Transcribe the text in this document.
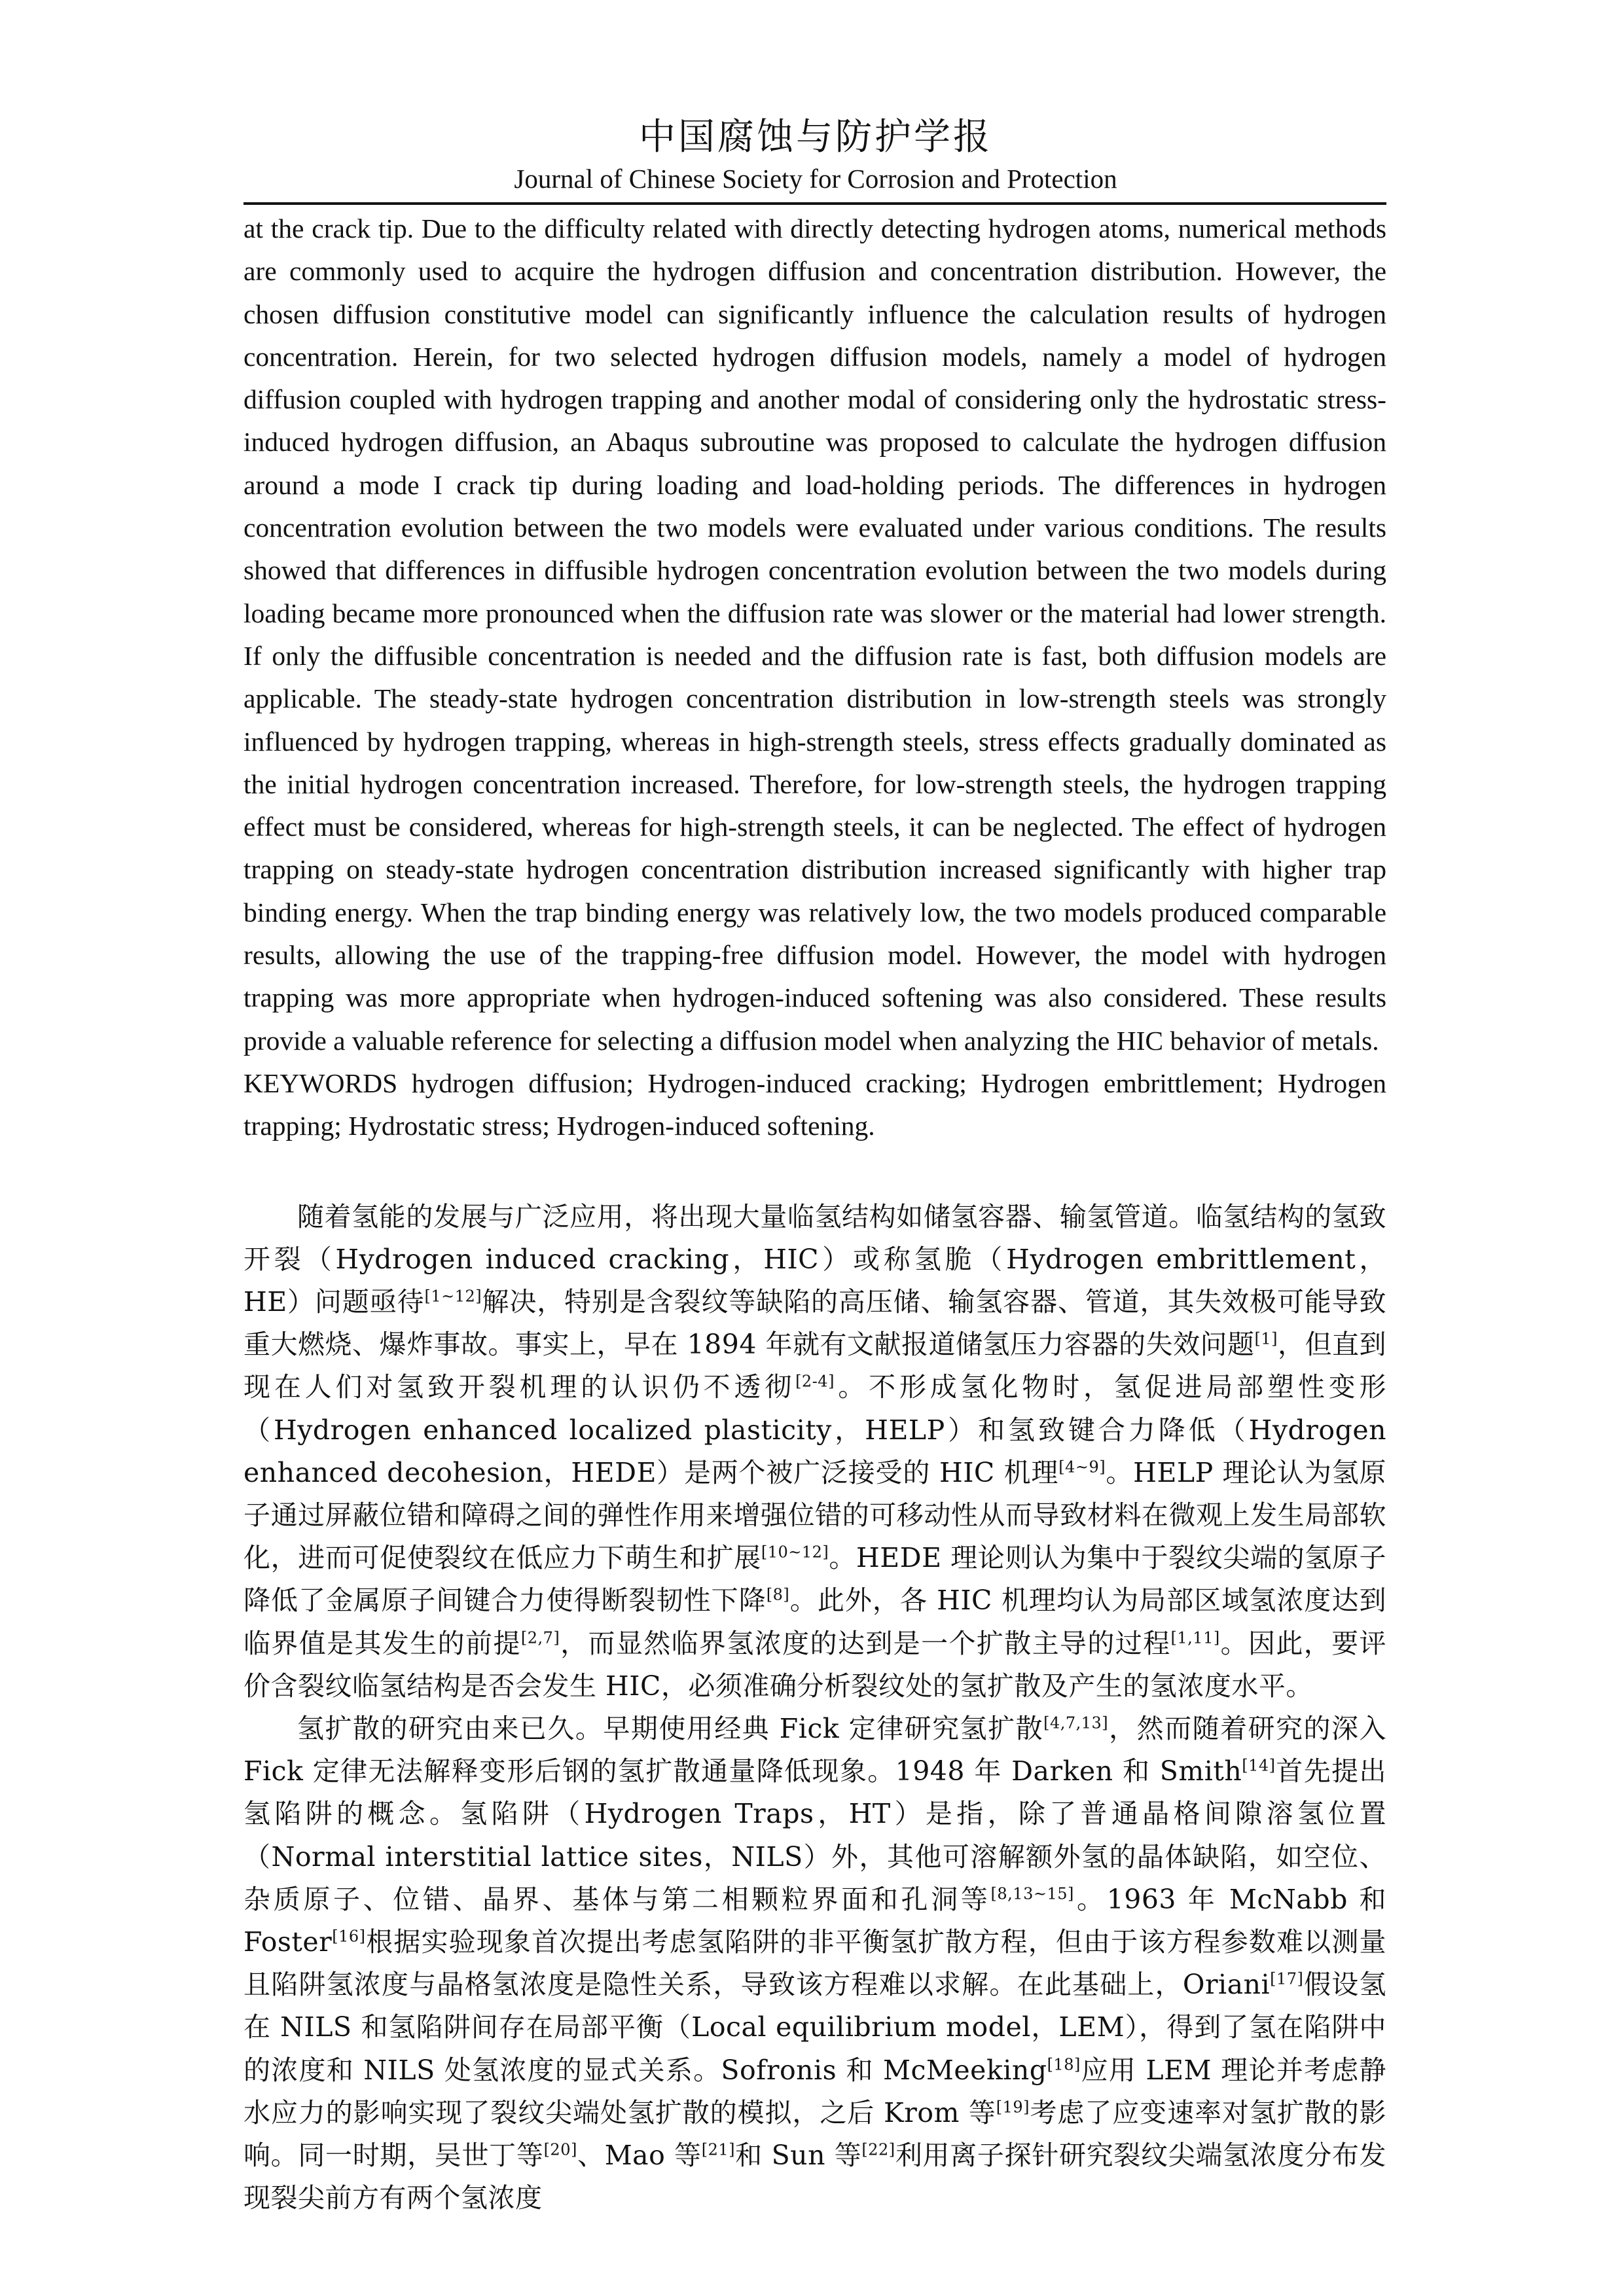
中国腐蚀与防护学报
Journal of Chinese Society for Corrosion and Protection

at the crack tip. Due to the difficulty related with directly detecting hydrogen atoms, numerical methods are commonly used to acquire the hydrogen diffusion and concentration distribution. However, the chosen diffusion constitutive model can significantly influence the calculation results of hydrogen concentration. Herein, for two selected hydrogen diffusion models, namely a model of hydrogen diffusion coupled with hydrogen trapping and another modal of considering only the hydrostatic stress-induced hydrogen diffusion, an Abaqus subroutine was proposed to calculate the hydrogen diffusion around a mode I crack tip during loading and load-holding periods. The differences in hydrogen concentration evolution between the two models were evaluated under various conditions. The results showed that differences in diffusible hydrogen concentration evolution between the two models during loading became more pronounced when the diffusion rate was slower or the material had lower strength. If only the diffusible concentration is needed and the diffusion rate is fast, both diffusion models are applicable. The steady-state hydrogen concentration distribution in low-strength steels was strongly influenced by hydrogen trapping, whereas in high-strength steels, stress effects gradually dominated as the initial hydrogen concentration increased. Therefore, for low-strength steels, the hydrogen trapping effect must be considered, whereas for high-strength steels, it can be neglected. The effect of hydrogen trapping on steady-state hydrogen concentration distribution increased significantly with higher trap binding energy. When the trap binding energy was relatively low, the two models produced comparable results, allowing the use of the trapping-free diffusion model. However, the model with hydrogen trapping was more appropriate when hydrogen-induced softening was also considered. These results provide a valuable reference for selecting a diffusion model when analyzing the HIC behavior of metals.

KEYWORDS hydrogen diffusion; Hydrogen-induced cracking; Hydrogen embrittlement; Hydrogen trapping; Hydrostatic stress; Hydrogen-induced softening.

随着氢能的发展与广泛应用，将出现大量临氢结构如储氢容器、输氢管道。临氢结构的氢致开裂（Hydrogen induced cracking，HIC）或称氢脆（Hydrogen embrittlement，HE）问题亟待[1~12]解决，特别是含裂纹等缺陷的高压储、输氢容器、管道，其失效极可能导致重大燃烧、爆炸事故。事实上，早在 1894 年就有文献报道储氢压力容器的失效问题[1]，但直到现在人们对氢致开裂机理的认识仍不透彻[2-4]。不形成氢化物时，氢促进局部塑性变形（Hydrogen enhanced localized plasticity，HELP）和氢致键合力降低（Hydrogen enhanced decohesion，HEDE）是两个被广泛接受的 HIC 机理[4~9]。HELP 理论认为氢原子通过屏蔽位错和障碍之间的弹性作用来增强位错的可移动性从而导致材料在微观上发生局部软化，进而可促使裂纹在低应力下萌生和扩展[10~12]。HEDE 理论则认为集中于裂纹尖端的氢原子降低了金属原子间键合力使得断裂韧性下降[8]。此外，各 HIC 机理均认为局部区域氢浓度达到临界值是其发生的前提[2,7]，而显然临界氢浓度的达到是一个扩散主导的过程[1,11]。因此，要评价含裂纹临氢结构是否会发生 HIC，必须准确分析裂纹处的氢扩散及产生的氢浓度水平。

氢扩散的研究由来已久。早期使用经典 Fick 定律研究氢扩散[4,7,13]，然而随着研究的深入 Fick 定律无法解释变形后钢的氢扩散通量降低现象。1948 年 Darken 和 Smith[14]首先提出氢陷阱的概念。氢陷阱（Hydrogen Traps，HT）是指，除了普通晶格间隙溶氢位置（Normal interstitial lattice sites，NILS）外，其他可溶解额外氢的晶体缺陷，如空位、杂质原子、位错、晶界、基体与第二相颗粒界面和孔洞等[8,13~15]。1963 年 McNabb 和 Foster[16]根据实验现象首次提出考虑氢陷阱的非平衡氢扩散方程，但由于该方程参数难以测量且陷阱氢浓度与晶格氢浓度是隐性关系，导致该方程难以求解。在此基础上，Oriani[17]假设氢在 NILS 和氢陷阱间存在局部平衡（Local equilibrium model，LEM），得到了氢在陷阱中的浓度和 NILS 处氢浓度的显式关系。Sofronis 和 McMeeking[18]应用 LEM 理论并考虑静水应力的影响实现了裂纹尖端处氢扩散的模拟，之后 Krom 等[19]考虑了应变速率对氢扩散的影响。同一时期，吴世丁等[20]、Mao 等[21]和 Sun 等[22]利用离子探针研究裂纹尖端氢浓度分布发现裂尖前方有两个氢浓度
